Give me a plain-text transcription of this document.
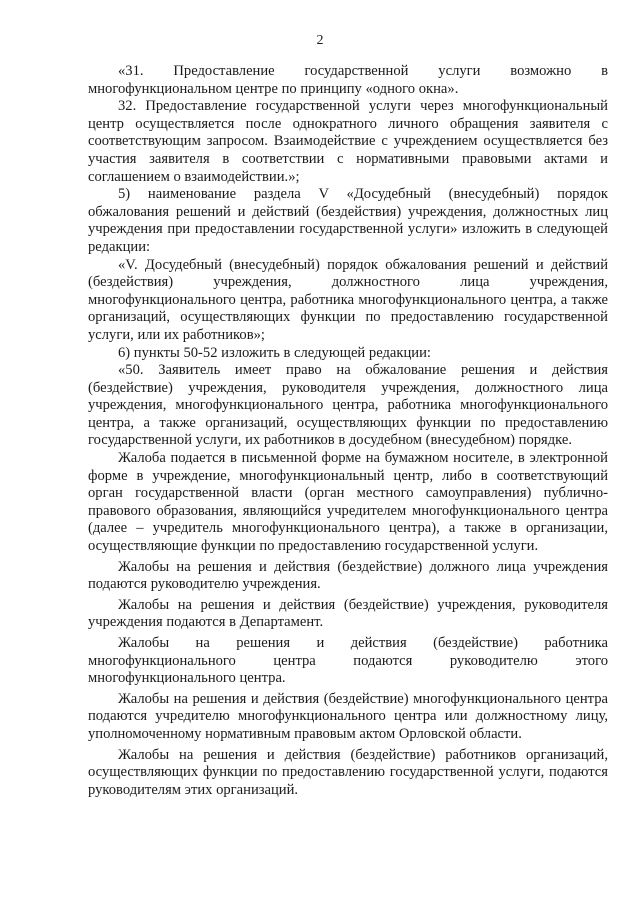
2

«31. Предоставление государственной услуги возможно в многофункциональном центре по принципу «одного окна».

32. Предоставление государственной услуги через многофункциональный центр осуществляется после однократного личного обращения заявителя с соответствующим запросом. Взаимодействие с учреждением осуществляется без участия заявителя в соответствии с нормативными правовыми актами и соглашением о взаимодействии.»;

5) наименование раздела V «Досудебный (внесудебный) порядок обжалования решений и действий (бездействия) учреждения, должностных лиц учреждения при предоставлении государственной услуги» изложить в следующей редакции:

«V. Досудебный (внесудебный) порядок обжалования решений и действий (бездействия) учреждения, должностного лица учреждения, многофункционального центра, работника многофункционального центра, а также организаций, осуществляющих функции по предоставлению государственной услуги, или их работников»;

6) пункты 50-52 изложить в следующей редакции:

«50. Заявитель имеет право на обжалование решения и действия (бездействие) учреждения, руководителя учреждения, должностного лица учреждения, многофункционального центра, работника многофункционального центра, а также организаций, осуществляющих функции по предоставлению государственной услуги, их работников в досудебном (внесудебном) порядке.

Жалоба подается в письменной форме на бумажном носителе, в электронной форме в учреждение, многофункциональный центр, либо в соответствующий орган государственной власти (орган местного самоуправления) публично-правового образования, являющийся учредителем многофункционального центра (далее – учредитель многофункционального центра), а также в организации, осуществляющие функции по предоставлению государственной услуги.

Жалобы на решения и действия (бездействие) должного лица учреждения подаются руководителю учреждения.

Жалобы на решения и действия (бездействие) учреждения, руководителя учреждения подаются в Департамент.

Жалобы на решения и действия (бездействие) работника многофункционального центра подаются руководителю этого многофункционального центра.

Жалобы на решения и действия (бездействие) многофункционального центра подаются учредителю многофункционального центра или должностному лицу, уполномоченному нормативным правовым актом Орловской области.

Жалобы на решения и действия (бездействие) работников организаций, осуществляющих функции по предоставлению государственной услуги, подаются руководителям этих организаций.
